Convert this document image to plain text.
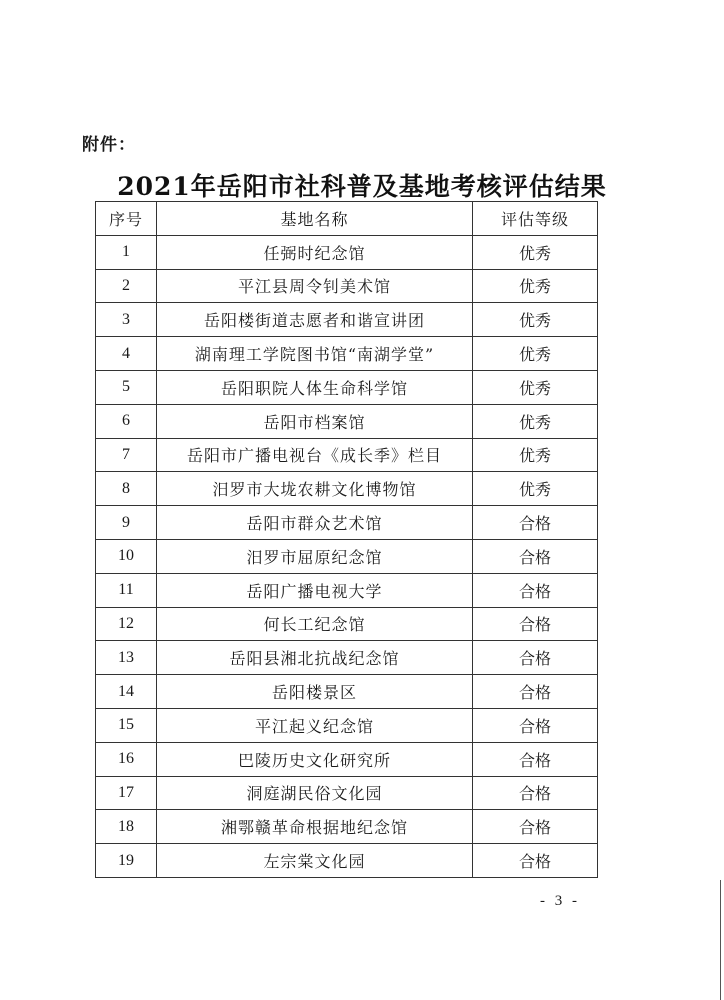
附件：
2021年岳阳市社科普及基地考核评估结果
序号	基地名称	评估等级
1	任弼时纪念馆	优秀
2	平江县周令钊美术馆	优秀
3	岳阳楼街道志愿者和谐宣讲团	优秀
4	湖南理工学院图书馆“南湖学堂”	优秀
5	岳阳职院人体生命科学馆	优秀
6	岳阳市档案馆	优秀
7	岳阳市广播电视台《成长季》栏目	优秀
8	汨罗市大垅农耕文化博物馆	优秀
9	岳阳市群众艺术馆	合格
10	汨罗市屈原纪念馆	合格
11	岳阳广播电视大学	合格
12	何长工纪念馆	合格
13	岳阳县湘北抗战纪念馆	合格
14	岳阳楼景区	合格
15	平江起义纪念馆	合格
16	巴陵历史文化研究所	合格
17	洞庭湖民俗文化园	合格
18	湘鄂赣革命根据地纪念馆	合格
19	左宗棠文化园	合格
- 3 -
